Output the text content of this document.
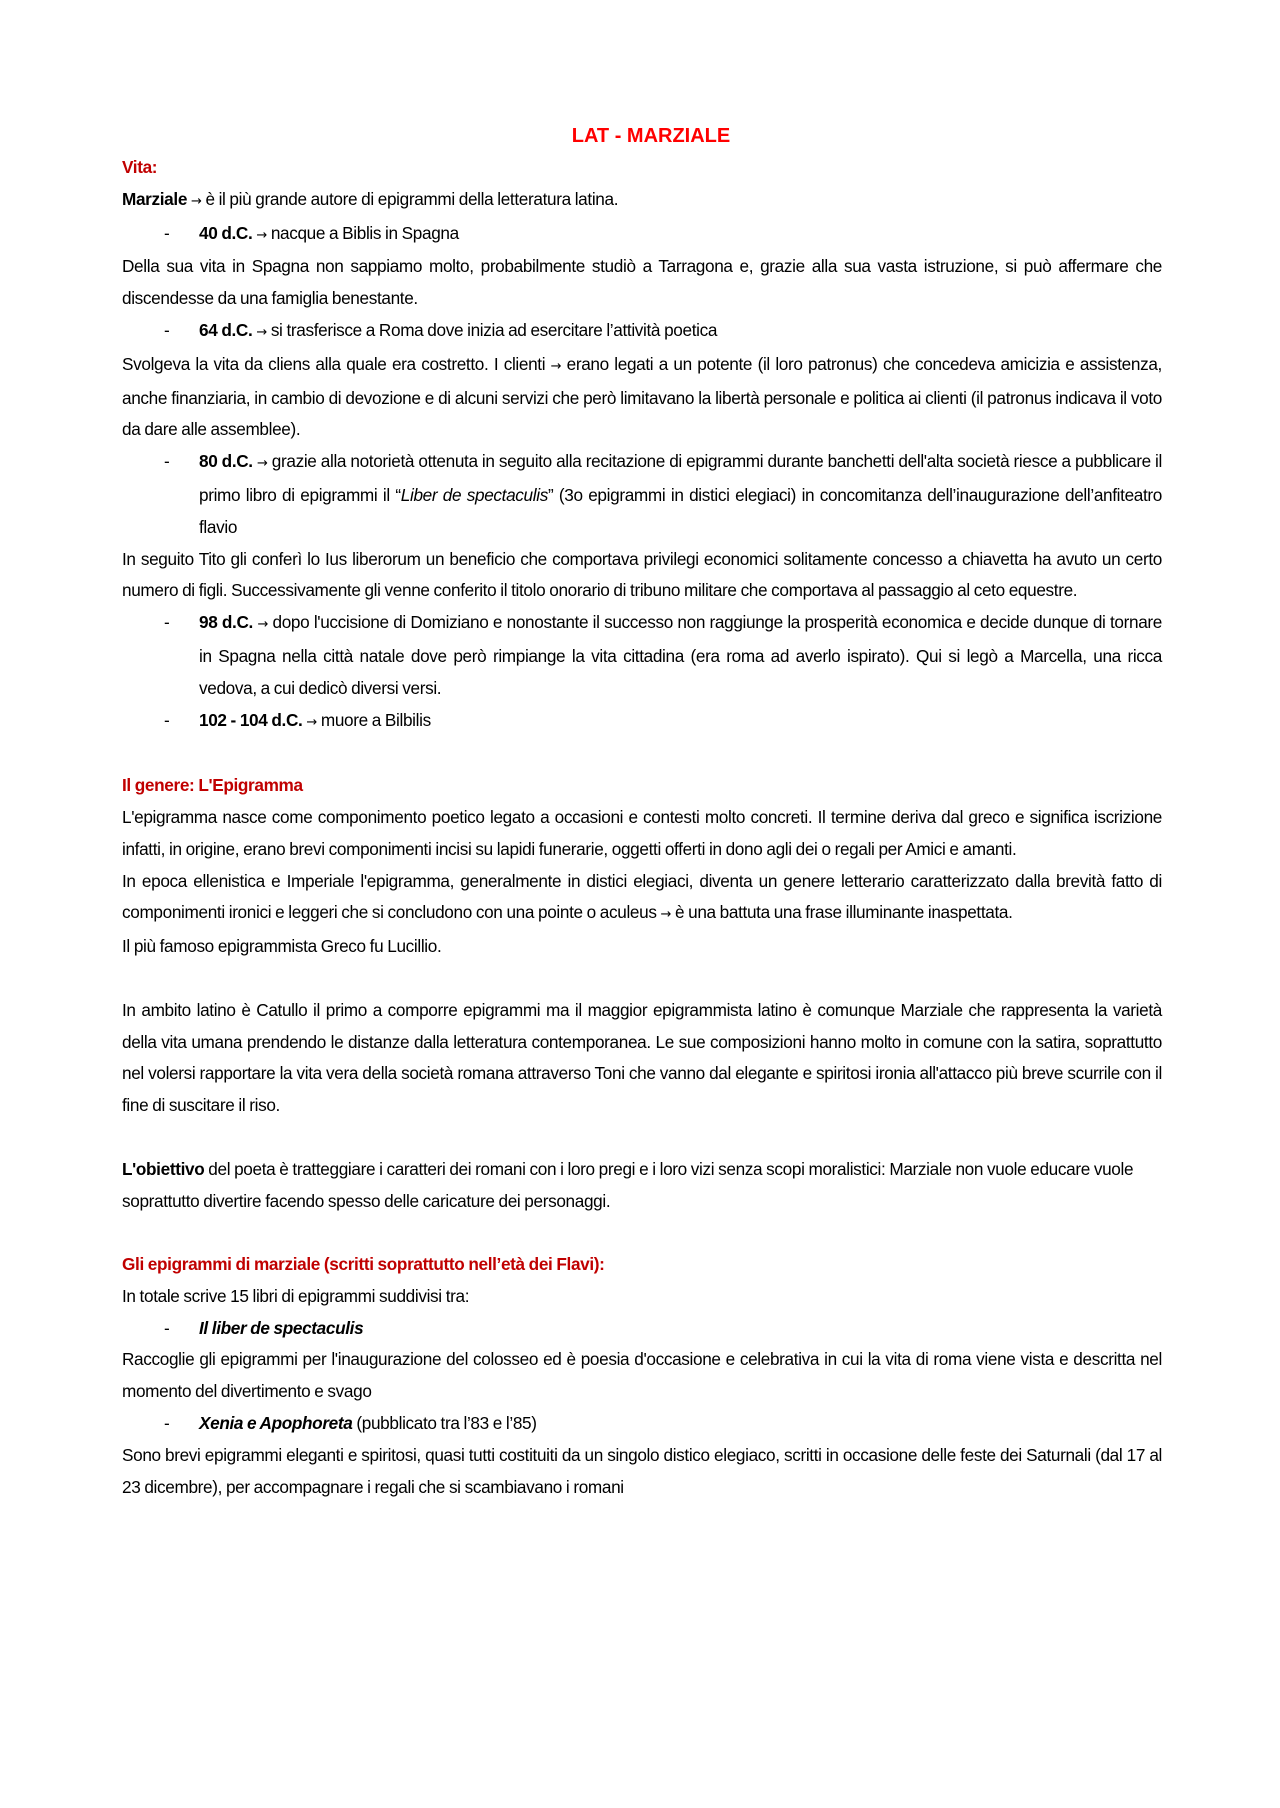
LAT - MARZIALE

Vita:

Marziale → è il più grande autore di epigrammi della letteratura latina.

-	40 d.C. → nacque a Biblis in Spagna

Della sua vita in Spagna non sappiamo molto, probabilmente studiò a Tarragona e, grazie alla sua vasta istruzione, si può affermare che discendesse da una famiglia benestante.

-	64 d.C. → si trasferisce a Roma dove inizia ad esercitare l’attività poetica

Svolgeva la vita da cliens alla quale era costretto. I clienti → erano legati a un potente (il loro patronus) che concedeva amicizia e assistenza, anche finanziaria, in cambio di devozione e di alcuni servizi che però limitavano la libertà personale e politica ai clienti (il patronus indicava il voto da dare alle assemblee).

-	80 d.C. → grazie alla notorietà ottenuta in seguito alla recitazione di epigrammi durante banchetti dell'alta società riesce a pubblicare il primo libro di epigrammi il “Liber de spectaculis” (3o epigrammi in distici elegiaci) in concomitanza dell’inaugurazione dell’anfiteatro flavio

In seguito Tito gli conferì lo Ius liberorum un beneficio che comportava privilegi economici solitamente concesso a chiavetta ha avuto un certo numero di figli. Successivamente gli venne conferito il titolo onorario di tribuno militare che comportava al passaggio al ceto equestre.

-	98 d.C. → dopo l'uccisione di Domiziano e nonostante il successo non raggiunge la prosperità economica e decide dunque di tornare in Spagna nella città natale dove però rimpiange la vita cittadina (era roma ad averlo ispirato). Qui si legò a Marcella, una ricca vedova, a cui dedicò diversi versi.
-	102 - 104 d.C. → muore a Bilbilis

Il genere: L'Epigramma

L'epigramma nasce come componimento poetico legato a occasioni e contesti molto concreti. Il termine deriva dal greco e significa iscrizione infatti, in origine, erano brevi componimenti incisi su lapidi funerarie, oggetti offerti in dono agli dei o regali per Amici e amanti.

In epoca ellenistica e Imperiale l'epigramma, generalmente in distici elegiaci, diventa un genere letterario caratterizzato dalla brevità fatto di componimenti ironici e leggeri che si concludono con una pointe o aculeus → è una battuta una frase illuminante inaspettata.

Il più famoso epigrammista Greco fu Lucillio.

In ambito latino è Catullo il primo a comporre epigrammi ma il maggior epigrammista latino è comunque Marziale che rappresenta la varietà della vita umana prendendo le distanze dalla letteratura contemporanea. Le sue composizioni hanno molto in comune con la satira, soprattutto nel volersi rapportare la vita vera della società romana attraverso Toni che vanno dal elegante e spiritosi ironia all'attacco più breve scurrile con il fine di suscitare il riso.

L'obiettivo del poeta è tratteggiare i caratteri dei romani con i loro pregi e i loro vizi senza scopi moralistici: Marziale non vuole educare vuole soprattutto divertire facendo spesso delle caricature dei personaggi.

Gli epigrammi di marziale (scritti soprattutto nell’età dei Flavi):

In totale scrive 15 libri di epigrammi suddivisi tra:

-	Il liber de spectaculis

Raccoglie gli epigrammi per l'inaugurazione del colosseo ed è poesia d'occasione e celebrativa in cui la vita di roma viene vista e descritta nel momento del divertimento e svago

-	Xenia e Apophoreta (pubblicato tra l’83 e l’85)

Sono brevi epigrammi eleganti e spiritosi, quasi tutti costituiti da un singolo distico elegiaco, scritti in occasione delle feste dei Saturnali (dal 17 al 23 dicembre), per accompagnare i regali che si scambiavano i romani
